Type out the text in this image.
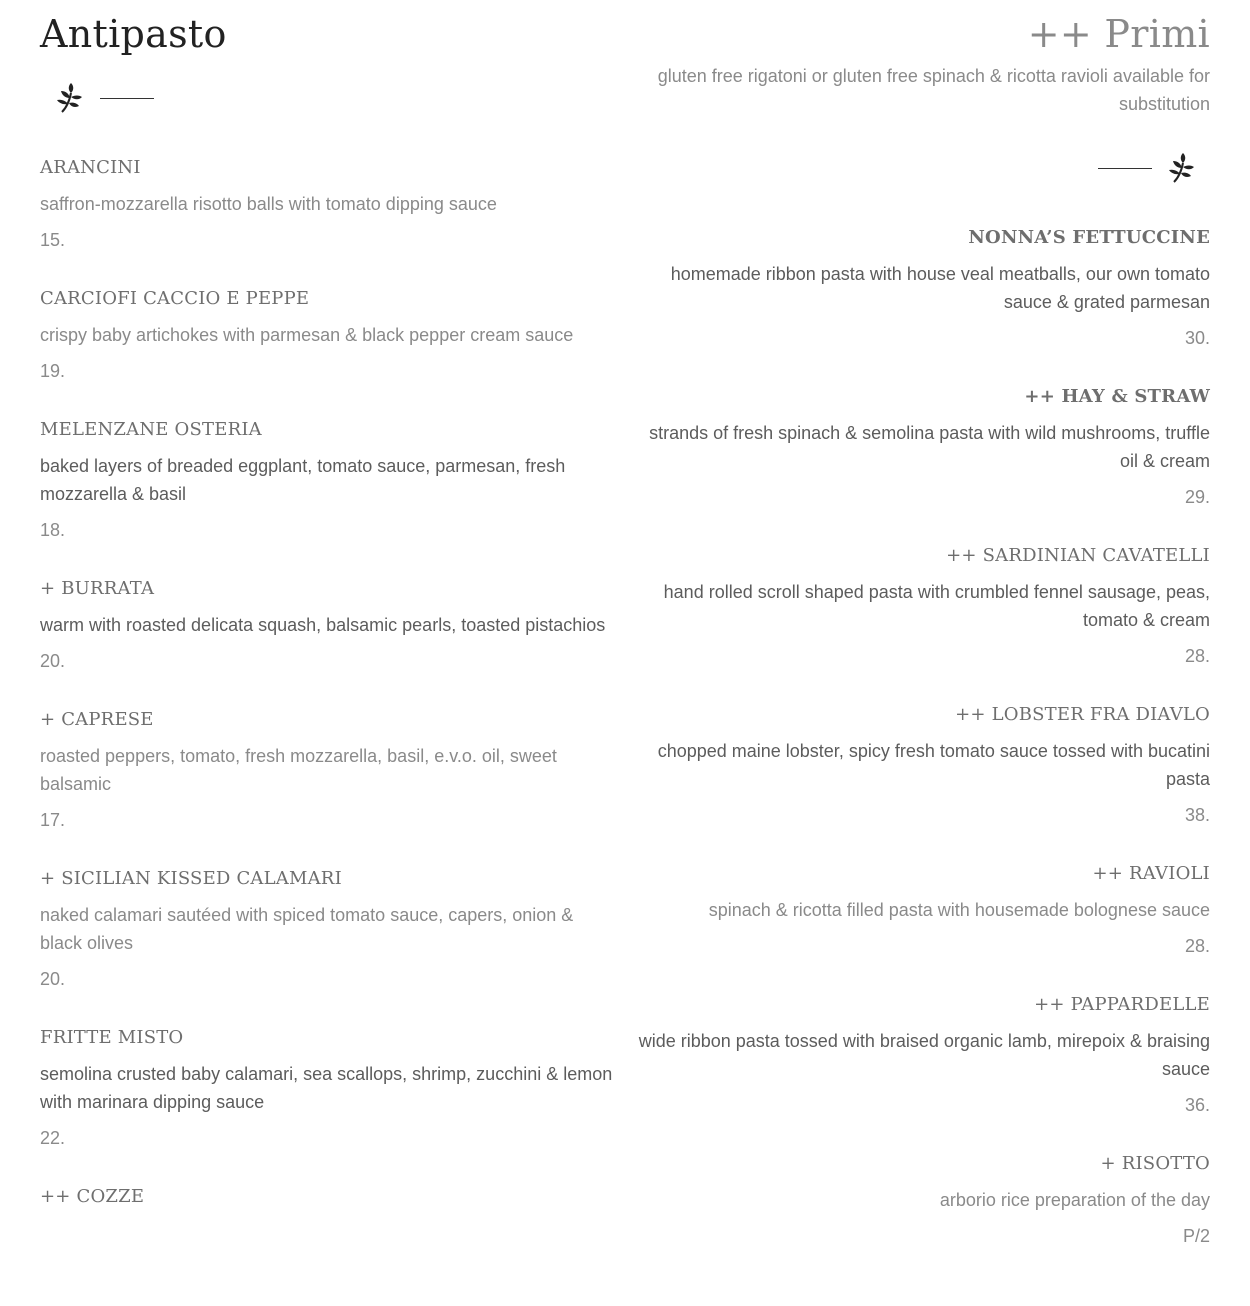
Antipasto

ARANCINI

saffron-mozzarella risotto balls with tomato dipping sauce

15.

CARCIOFI CACCIO E PEPPE

crispy baby artichokes with parmesan & black pepper cream sauce

19.

MELENZANE OSTERIA

baked layers of breaded eggplant, tomato sauce, parmesan, fresh mozzarella & basil

18.

+ BURRATA

warm with roasted delicata squash, balsamic pearls, toasted pistachios

20.

+ CAPRESE

roasted peppers, tomato, fresh mozzarella, basil, e.v.o. oil, sweet balsamic

17.

+ SICILIAN KISSED CALAMARI

naked calamari sautéed with spiced tomato sauce, capers, onion & black olives

20.

FRITTE MISTO

semolina crusted baby calamari, sea scallops, shrimp, zucchini & lemon with marinara dipping sauce

22.

++ COZZE

++ Primi

gluten free rigatoni or gluten free spinach & ricotta ravioli available for substitution

NONNA’S FETTUCCINE

homemade ribbon pasta with house veal meatballs, our own tomato sauce & grated parmesan

30.

++ HAY & STRAW

strands of fresh spinach & semolina pasta with wild mushrooms, truffle oil & cream

29.

++ SARDINIAN CAVATELLI

hand rolled scroll shaped pasta with crumbled fennel sausage, peas, tomato & cream

28.

++ LOBSTER FRA DIAVLO

chopped maine lobster, spicy fresh tomato sauce tossed with bucatini pasta

38.

++ RAVIOLI

spinach & ricotta filled pasta with housemade bolognese sauce

28.

++ PAPPARDELLE

wide ribbon pasta tossed with braised organic lamb, mirepoix & braising sauce

36.

+ RISOTTO

arborio rice preparation of the day

P/2
